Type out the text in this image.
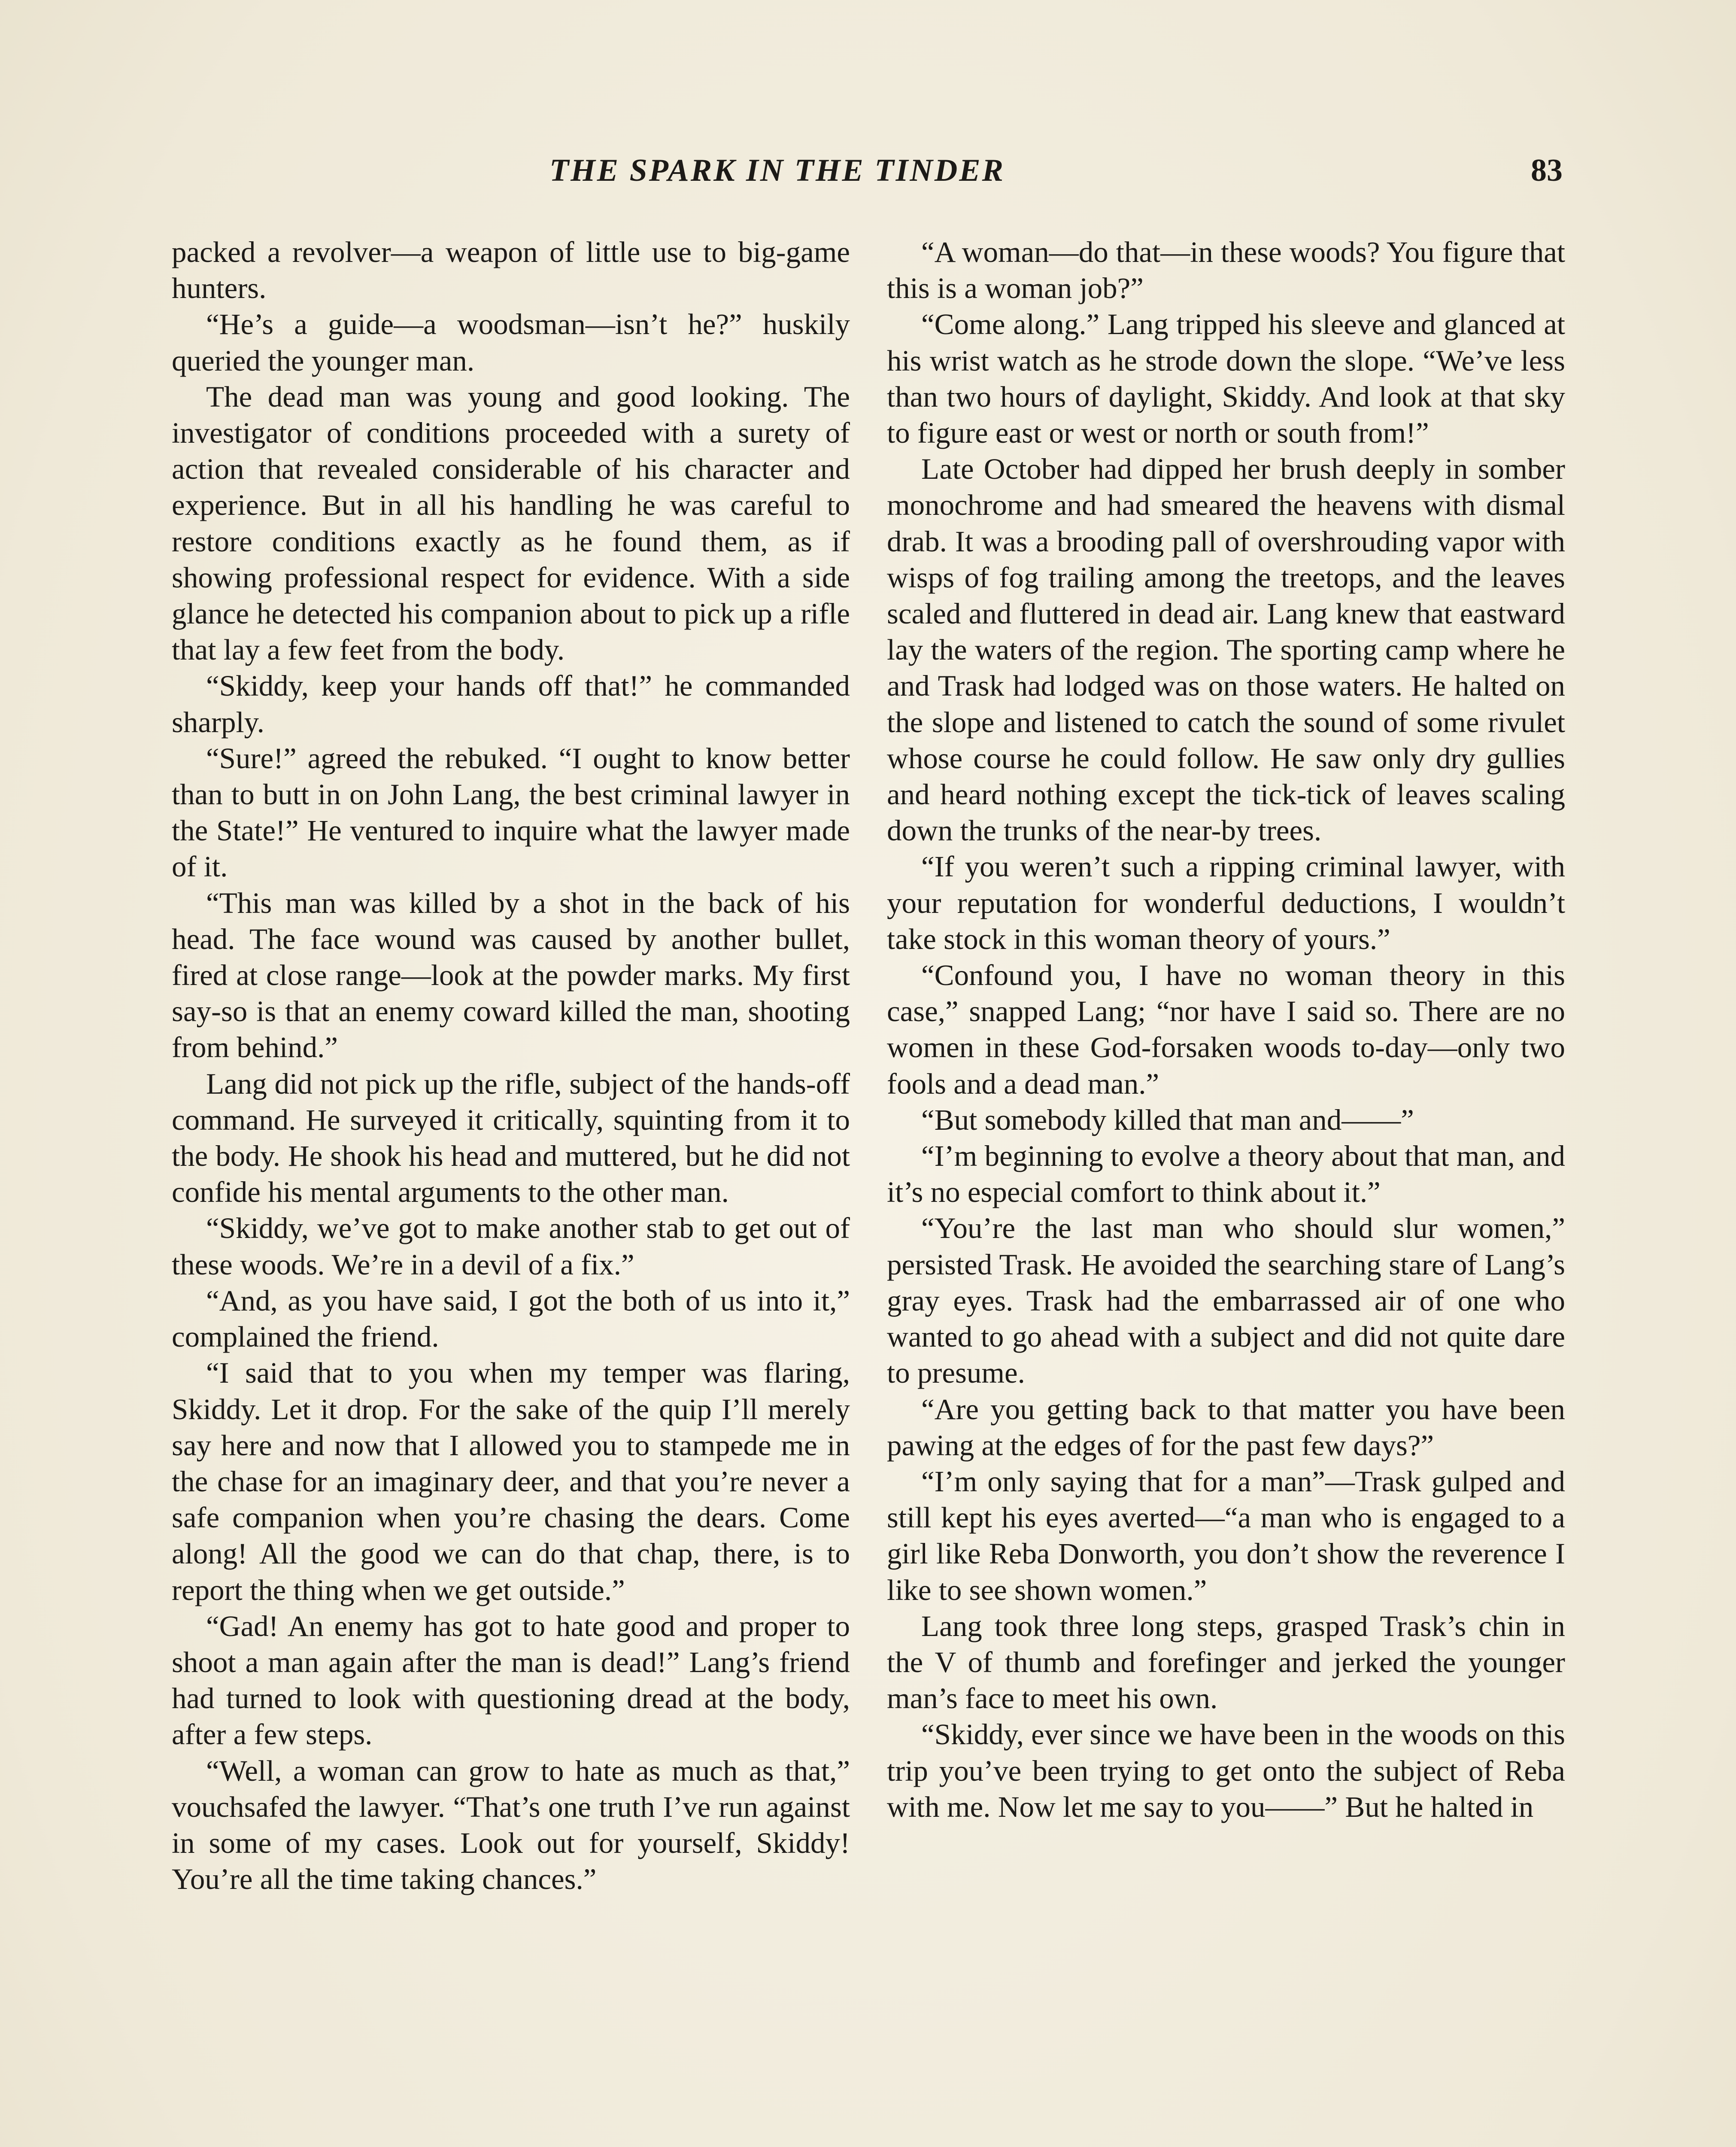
THE SPARK IN THE TINDER	83

packed a revolver—a weapon of little use to big-game hunters.

“He’s a guide—a woodsman—isn’t he?” huskily queried the younger man.

The dead man was young and good looking. The investigator of conditions proceeded with a surety of action that revealed considerable of his character and experience. But in all his handling he was careful to restore conditions exactly as he found them, as if showing professional respect for evidence. With a side glance he detected his companion about to pick up a rifle that lay a few feet from the body.

“Skiddy, keep your hands off that!” he commanded sharply.

“Sure!” agreed the rebuked. “I ought to know better than to butt in on John Lang, the best criminal lawyer in the State!” He ventured to inquire what the lawyer made of it.

“This man was killed by a shot in the back of his head. The face wound was caused by another bullet, fired at close range—look at the powder marks. My first say-so is that an enemy coward killed the man, shooting from behind.”

Lang did not pick up the rifle, subject of the hands-off command. He surveyed it critically, squinting from it to the body. He shook his head and muttered, but he did not confide his mental arguments to the other man.

“Skiddy, we’ve got to make another stab to get out of these woods. We’re in a devil of a fix.”

“And, as you have said, I got the both of us into it,” complained the friend.

“I said that to you when my temper was flaring, Skiddy. Let it drop. For the sake of the quip I’ll merely say here and now that I allowed you to stampede me in the chase for an imaginary deer, and that you’re never a safe companion when you’re chasing the dears. Come along! All the good we can do that chap, there, is to report the thing when we get outside.”

“Gad! An enemy has got to hate good and proper to shoot a man again after the man is dead!” Lang’s friend had turned to look with questioning dread at the body, after a few steps.

“Well, a woman can grow to hate as much as that,” vouchsafed the lawyer. “That’s one truth I’ve run against in some of my cases. Look out for yourself, Skiddy! You’re all the time taking chances.”

“A woman—do that—in these woods? You figure that this is a woman job?”

“Come along.” Lang tripped his sleeve and glanced at his wrist watch as he strode down the slope. “We’ve less than two hours of daylight, Skiddy. And look at that sky to figure east or west or north or south from!”

Late October had dipped her brush deeply in somber monochrome and had smeared the heavens with dismal drab. It was a brooding pall of overshrouding vapor with wisps of fog trailing among the treetops, and the leaves scaled and fluttered in dead air. Lang knew that eastward lay the waters of the region. The sporting camp where he and Trask had lodged was on those waters. He halted on the slope and listened to catch the sound of some rivulet whose course he could follow. He saw only dry gullies and heard nothing except the tick-tick of leaves scaling down the trunks of the near-by trees.

“If you weren’t such a ripping criminal lawyer, with your reputation for wonderful deductions, I wouldn’t take stock in this woman theory of yours.”

“Confound you, I have no woman theory in this case,” snapped Lang; “nor have I said so. There are no women in these God-forsaken woods to-day—only two fools and a dead man.”

“But somebody killed that man and——”

“I’m beginning to evolve a theory about that man, and it’s no especial comfort to think about it.”

“You’re the last man who should slur women,” persisted Trask. He avoided the searching stare of Lang’s gray eyes. Trask had the embarrassed air of one who wanted to go ahead with a subject and did not quite dare to presume.

“Are you getting back to that matter you have been pawing at the edges of for the past few days?”

“I’m only saying that for a man”—Trask gulped and still kept his eyes averted—“a man who is engaged to a girl like Reba Donworth, you don’t show the reverence I like to see shown women.”

Lang took three long steps, grasped Trask’s chin in the V of thumb and forefinger and jerked the younger man’s face to meet his own.

“Skiddy, ever since we have been in the woods on this trip you’ve been trying to get onto the subject of Reba with me. Now let me say to you——” But he halted in
